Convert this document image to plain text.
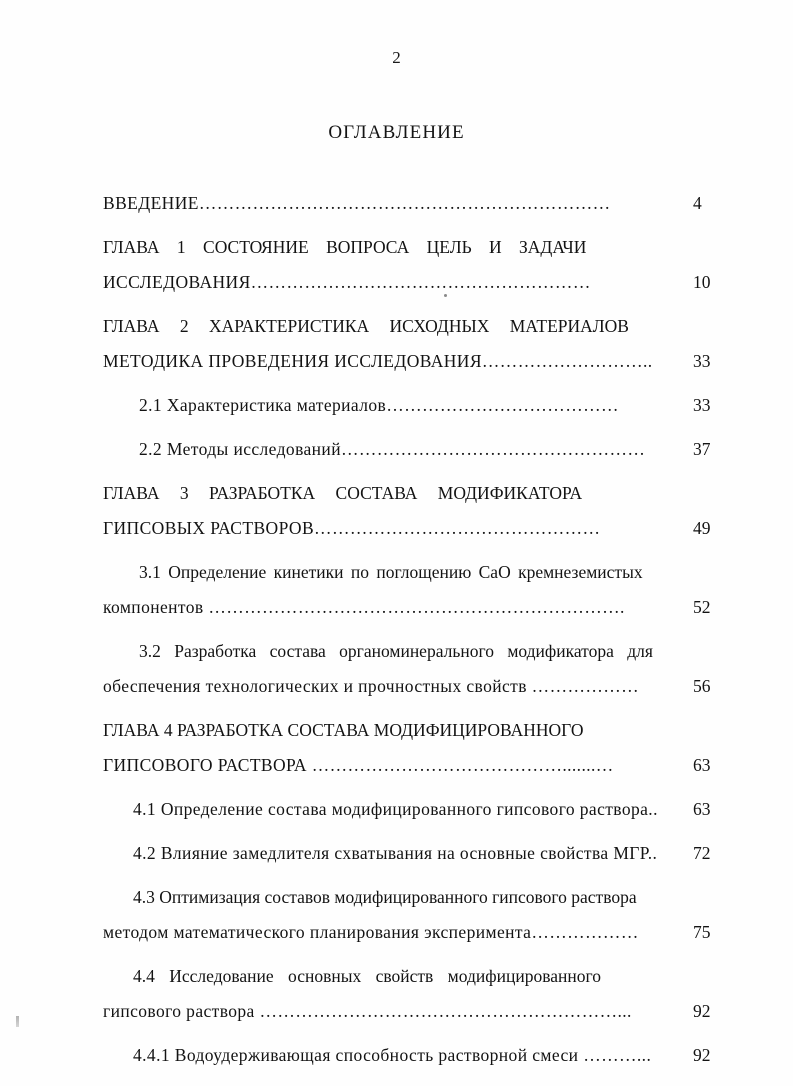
2
ОГЛАВЛЕНИЕ
ВВЕДЕНИЕ……………………………………………………………	4
ГЛАВА 1 СОСТОЯНИЕ ВОПРОСА ЦЕЛЬ И ЗАДАЧИ
ИССЛЕДОВАНИЯ…………………………………………………	10
ГЛАВА 2 ХАРАКТЕРИСТИКА ИСХОДНЫХ МАТЕРИАЛОВ
МЕТОДИКА ПРОВЕДЕНИЯ ИССЛЕДОВАНИЯ………………………..	33
2.1 Характеристика материалов…………………………………	33
2.2 Методы исследований……………………………………………	37
ГЛАВА 3 РАЗРАБОТКА СОСТАВА МОДИФИКАТОРА
ГИПСОВЫХ РАСТВОРОВ…………………………………………	49
3.1 Определение кинетики по поглощению СаО кремнеземистых
компонентов …………………………………………………………….	52
3.2 Разработка состава органоминерального модификатора для
обеспечения технологических и прочностных свойств ………………	56
ГЛАВА 4 РАЗРАБОТКА СОСТАВА МОДИФИЦИРОВАННОГО
ГИПСОВОГО РАСТВОРА …………………………………….......…	63
4.1 Определение состава модифицированного гипсового раствора..	63
4.2 Влияние замедлителя схватывания на основные свойства МГР..	72
4.3 Оптимизация составов модифицированного гипсового раствора
методом математического планирования эксперимента………………	75
4.4 Исследование основных свойств модифицированного
гипсового раствора ……………………………………………………...	92
4.4.1 Водоудерживающая способность растворной смеси ………...	92
